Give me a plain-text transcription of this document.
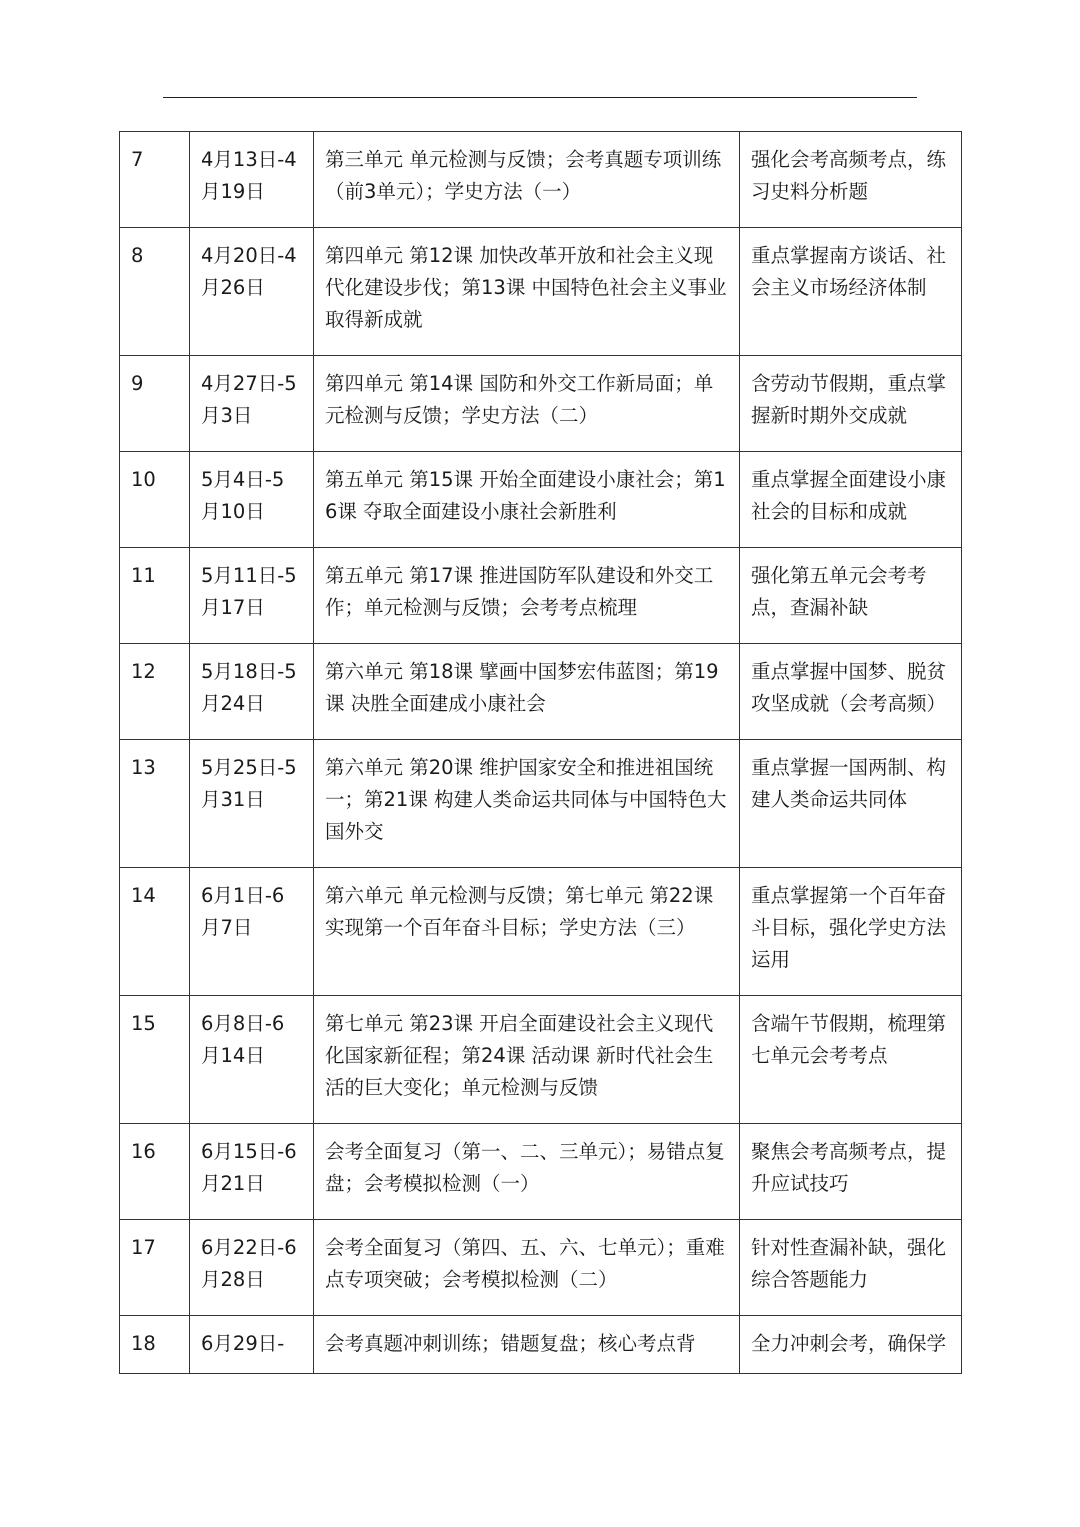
7	4月13日-4月19日	第三单元 单元检测与反馈；会考真题专项训练（前3单元）；学史方法（一）	强化会考高频考点，练习史料分析题
8	4月20日-4月26日	第四单元 第12课 加快改革开放和社会主义现代化建设步伐；第13课 中国特色社会主义事业取得新成就	重点掌握南方谈话、社会主义市场经济体制
9	4月27日-5月3日	第四单元 第14课 国防和外交工作新局面；单元检测与反馈；学史方法（二）	含劳动节假期，重点掌握新时期外交成就
10	5月4日-5月10日	第五单元 第15课 开始全面建设小康社会；第16课 夺取全面建设小康社会新胜利	重点掌握全面建设小康社会的目标和成就
11	5月11日-5月17日	第五单元 第17课 推进国防军队建设和外交工作；单元检测与反馈；会考考点梳理	强化第五单元会考考点，查漏补缺
12	5月18日-5月24日	第六单元 第18课 擘画中国梦宏伟蓝图；第19课 决胜全面建成小康社会	重点掌握中国梦、脱贫攻坚成就（会考高频）
13	5月25日-5月31日	第六单元 第20课 维护国家安全和推进祖国统一；第21课 构建人类命运共同体与中国特色大国外交	重点掌握一国两制、构建人类命运共同体
14	6月1日-6月7日	第六单元 单元检测与反馈；第七单元 第22课 实现第一个百年奋斗目标；学史方法（三）	重点掌握第一个百年奋斗目标，强化学史方法运用
15	6月8日-6月14日	第七单元 第23课 开启全面建设社会主义现代化国家新征程；第24课 活动课 新时代社会生活的巨大变化；单元检测与反馈	含端午节假期，梳理第七单元会考考点
16	6月15日-6月21日	会考全面复习（第一、二、三单元）；易错点复盘；会考模拟检测（一）	聚焦会考高频考点，提升应试技巧
17	6月22日-6月28日	会考全面复习（第四、五、六、七单元）；重难点专项突破；会考模拟检测（二）	针对性查漏补缺，强化综合答题能力
18	6月29日-	会考真题冲刺训练；错题复盘；核心考点背	全力冲刺会考，确保学
